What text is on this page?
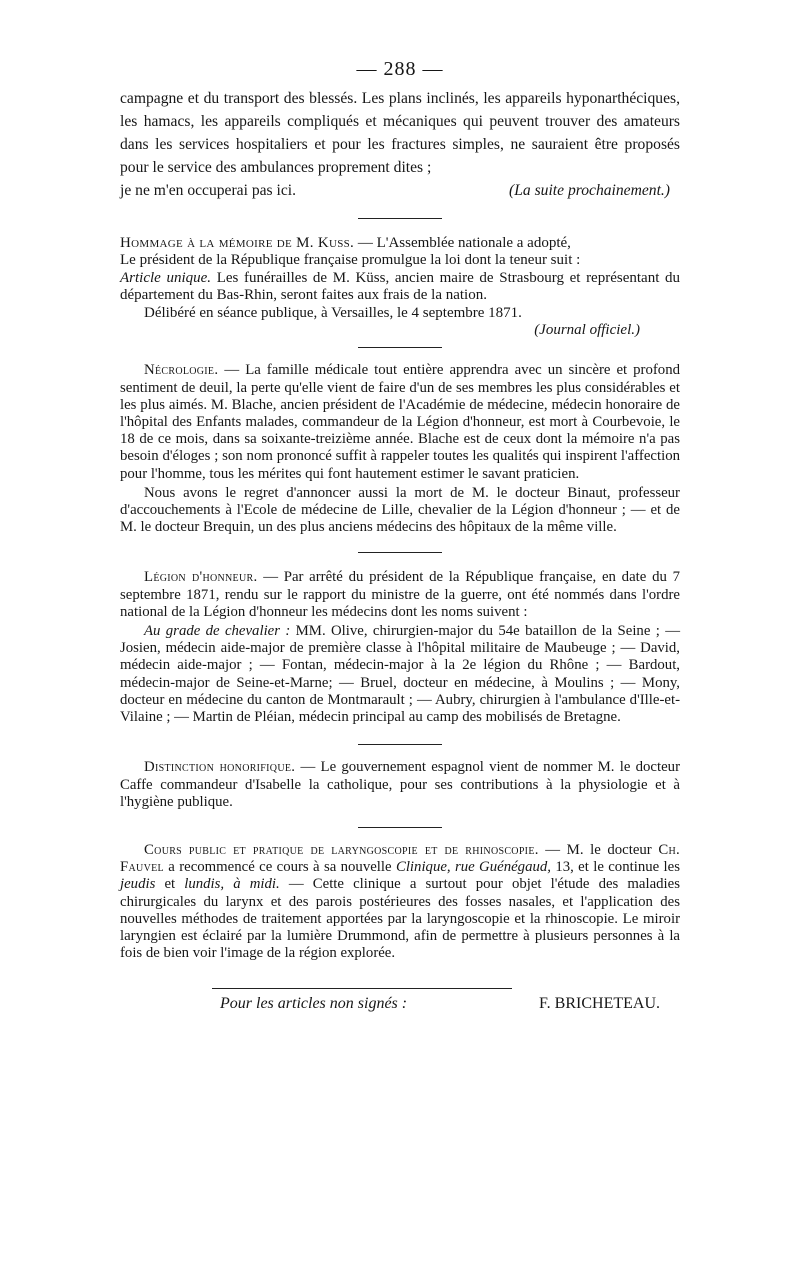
— 288 —

campagne et du transport des blessés. Les plans inclinés, les appareils hyponarthéciques, les hamacs, les appareils compliqués et mécaniques qui peuvent trouver des amateurs dans les services hospitaliers et pour les fractures simples, ne sauraient être proposés pour le service des ambulances proprement dites ;

je ne m'en occuperai pas ici.	(La suite prochainement.)

Hommage à la mémoire de M. Kuss. — L'Assemblée nationale a adopté,

Le président de la République française promulgue la loi dont la teneur suit :

Article unique. Les funérailles de M. Küss, ancien maire de Strasbourg et représentant du département du Bas-Rhin, seront faites aux frais de la nation.

Délibéré en séance publique, à Versailles, le 4 septembre 1871.

(Journal officiel.)

Nécrologie. — La famille médicale tout entière apprendra avec un sincère et profond sentiment de deuil, la perte qu'elle vient de faire d'un de ses membres les plus considérables et les plus aimés. M. Blache, ancien président de l'Académie de médecine, médecin honoraire de l'hôpital des Enfants malades, commandeur de la Légion d'honneur, est mort à Courbevoie, le 18 de ce mois, dans sa soixante-treizième année. Blache est de ceux dont la mémoire n'a pas besoin d'éloges ; son nom prononcé suffit à rappeler toutes les qualités qui inspirent l'affection pour l'homme, tous les mérites qui font hautement estimer le savant praticien.

Nous avons le regret d'annoncer aussi la mort de M. le docteur Binaut, professeur d'accouchements à l'Ecole de médecine de Lille, chevalier de la Légion d'honneur ; — et de M. le docteur Brequin, un des plus anciens médecins des hôpitaux de la même ville.

Légion d'honneur. — Par arrêté du président de la République française, en date du 7 septembre 1871, rendu sur le rapport du ministre de la guerre, ont été nommés dans l'ordre national de la Légion d'honneur les médecins dont les noms suivent :

Au grade de chevalier : MM. Olive, chirurgien-major du 54e bataillon de la Seine ; — Josien, médecin aide-major de première classe à l'hôpital militaire de Maubeuge ; — David, médecin aide-major ; — Fontan, médecin-major à la 2e légion du Rhône ; — Bardout, médecin-major de Seine-et-Marne; — Bruel, docteur en médecine, à Moulins ; — Mony, docteur en médecine du canton de Montmarault ; — Aubry, chirurgien à l'ambulance d'Ille-et-Vilaine ; — Martin de Pléian, médecin principal au camp des mobilisés de Bretagne.

Distinction honorifique. — Le gouvernement espagnol vient de nommer M. le docteur Caffe commandeur d'Isabelle la catholique, pour ses contributions à la physiologie et à l'hygiène publique.

Cours public et pratique de laryngoscopie et de rhinoscopie. — M. le docteur Ch. Fauvel a recommencé ce cours à sa nouvelle Clinique, rue Guénégaud, 13, et le continue les jeudis et lundis, à midi. — Cette clinique a surtout pour objet l'étude des maladies chirurgicales du larynx et des parois postérieures des fosses nasales, et l'application des nouvelles méthodes de traitement apportées par la laryngoscopie et la rhinoscopie. Le miroir laryngien est éclairé par la lumière Drummond, afin de permettre à plusieurs personnes à la fois de bien voir l'image de la région explorée.

Pour les articles non signés :	F. BRICHETEAU.
